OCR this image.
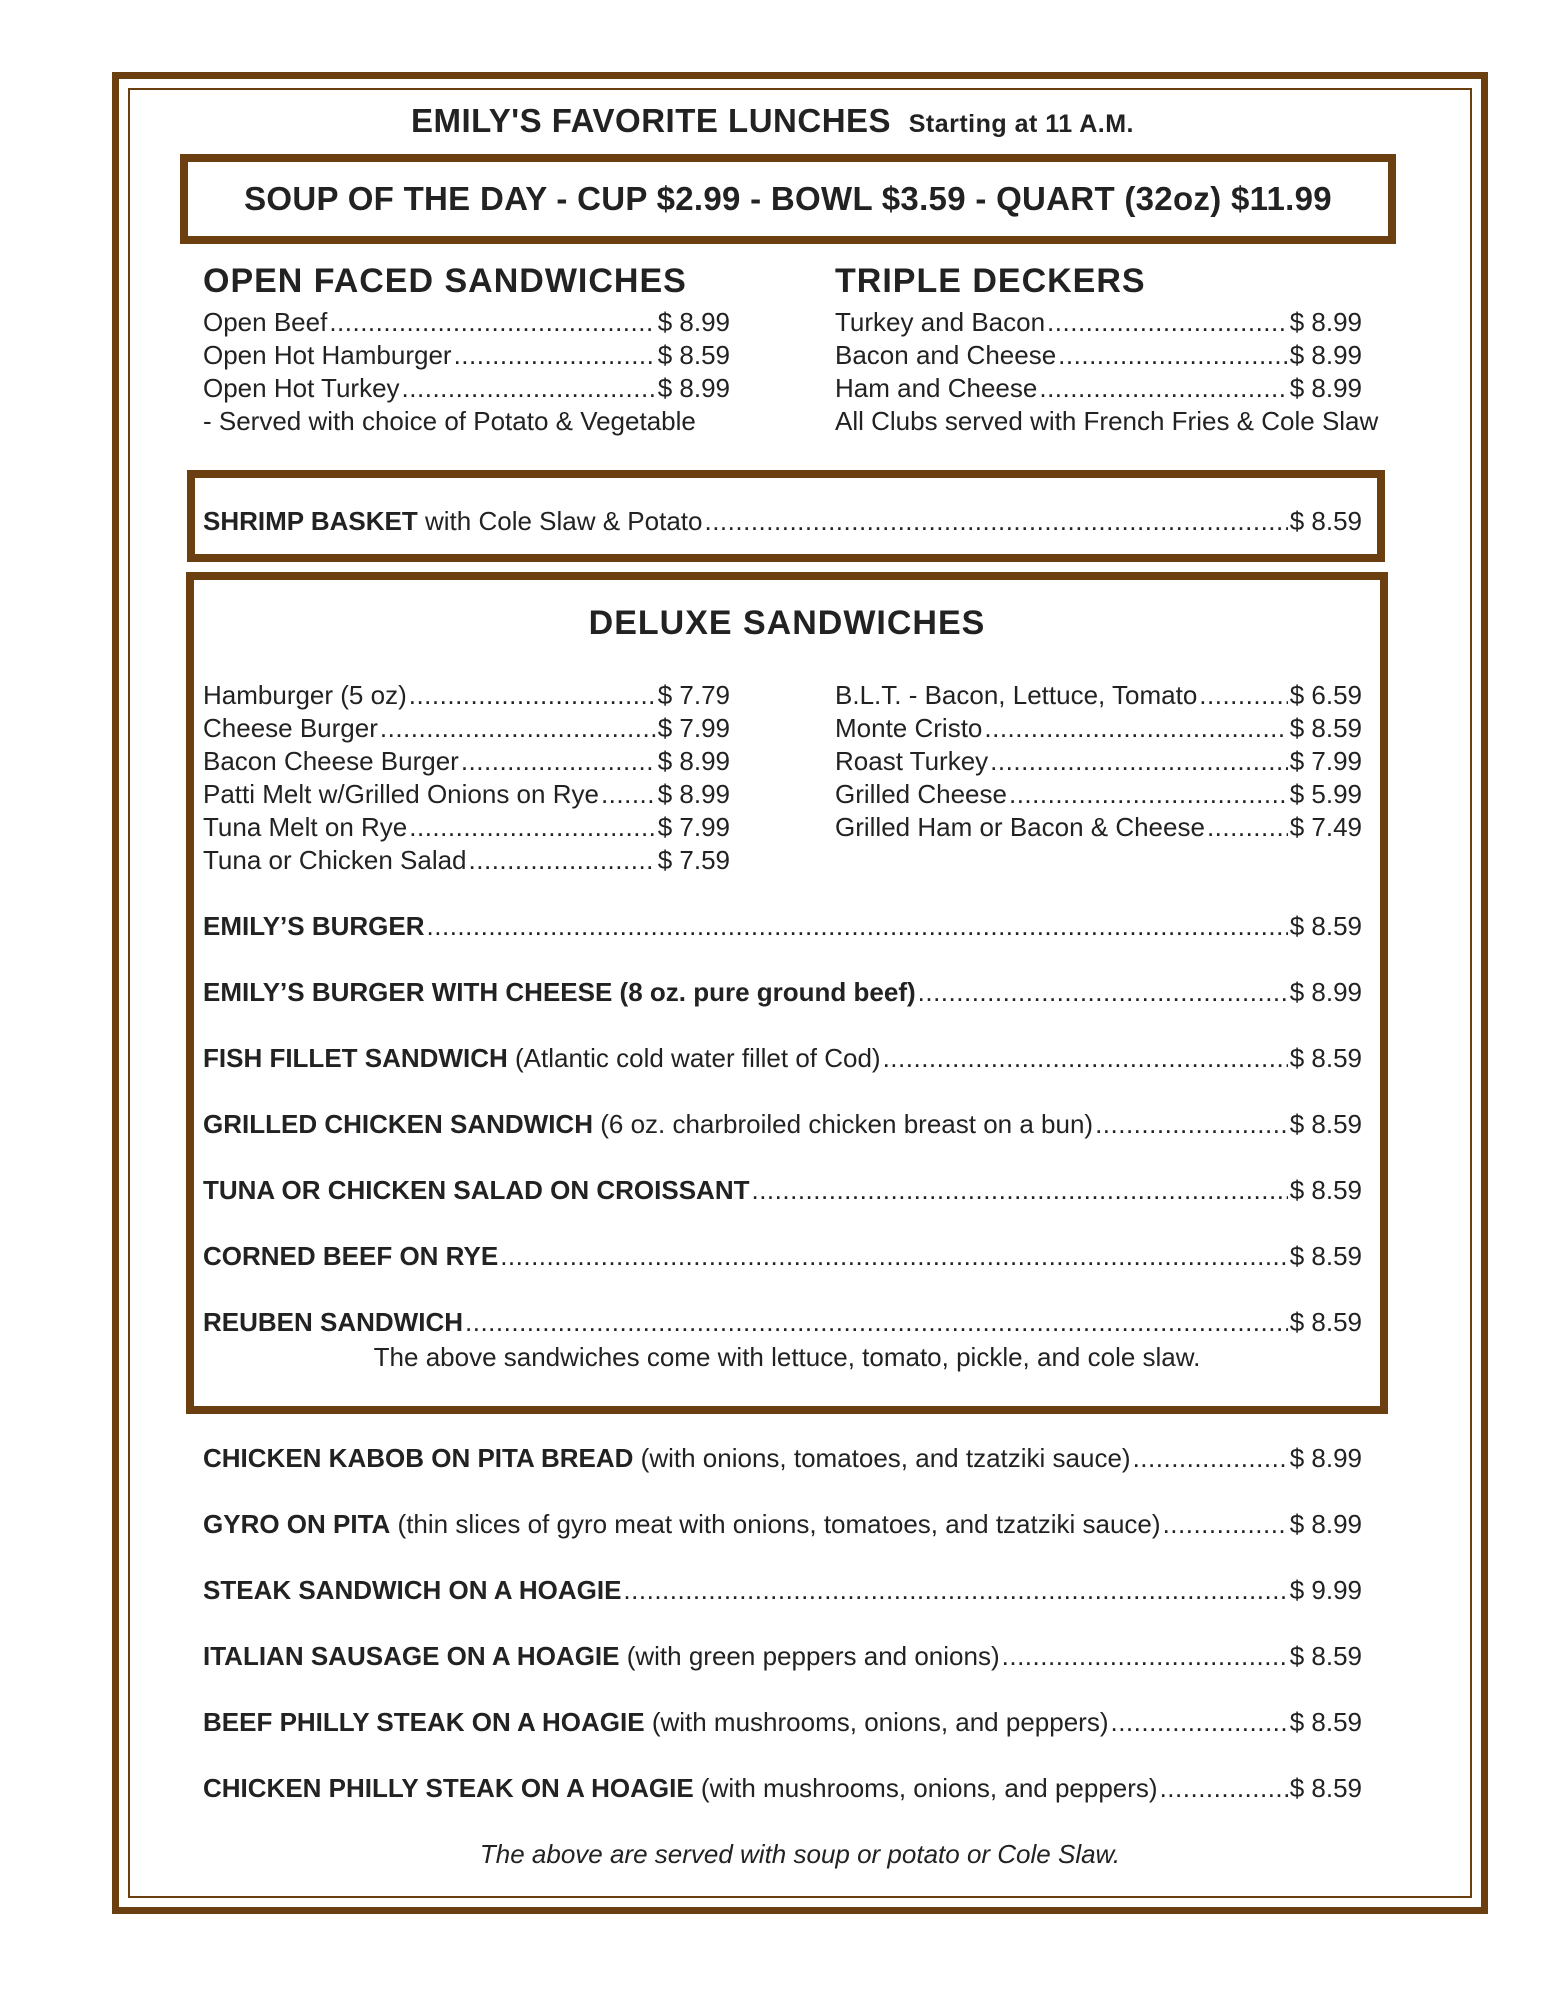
EMILY'S FAVORITE LUNCHES Starting at 11 A.M.
SOUP OF THE DAY - CUP $2.99 - BOWL $3.59 - QUART (32oz) $11.99
OPEN FACED SANDWICHES
Open Beef .....	$ 8.99
Open Hot Hamburger .....	$ 8.59
Open Hot Turkey .....	$ 8.99
- Served with choice of Potato & Vegetable
TRIPLE DECKERS
Turkey and Bacon .....	$ 8.99
Bacon and Cheese .....	$ 8.99
Ham and Cheese .....	$ 8.99
All Clubs served with French Fries & Cole Slaw
SHRIMP BASKET with Cole Slaw & Potato .....	$ 8.59
DELUXE SANDWICHES
Hamburger (5 oz) .....	$ 7.79
Cheese Burger .....	$ 7.99
Bacon Cheese Burger .....	$ 8.99
Patti Melt w/Grilled Onions on Rye ..... $ 8.99
Tuna Melt on Rye .....	$ 7.99
Tuna or Chicken Salad .....	$ 7.59
B.L.T. - Bacon, Lettuce, Tomato .....	$ 6.59
Monte Cristo .....	$ 8.59
Roast Turkey .....	$ 7.99
Grilled Cheese .....	$ 5.99
Grilled Ham or Bacon & Cheese .....	$ 7.49
EMILY’S BURGER .....	$ 8.59
EMILY’S BURGER WITH CHEESE (8 oz. pure ground beef) .....	$ 8.99
FISH FILLET SANDWICH (Atlantic cold water fillet of Cod) .....	$ 8.59
GRILLED CHICKEN SANDWICH (6 oz. charbroiled chicken breast on a bun) .....	$ 8.59
TUNA OR CHICKEN SALAD ON CROISSANT .....	$ 8.59
CORNED BEEF ON RYE .....	$ 8.59
REUBEN SANDWICH .....	$ 8.59
The above sandwiches come with lettuce, tomato, pickle, and cole slaw.
CHICKEN KABOB ON PITA BREAD (with onions, tomatoes, and tzatziki sauce) .....	$ 8.99
GYRO ON PITA (thin slices of gyro meat with onions, tomatoes, and tzatziki sauce) .....	$ 8.99
STEAK SANDWICH ON A HOAGIE .....	$ 9.99
ITALIAN SAUSAGE ON A HOAGIE (with green peppers and onions) .....	$ 8.59
BEEF PHILLY STEAK ON A HOAGIE (with mushrooms, onions, and peppers) .....	$ 8.59
CHICKEN PHILLY STEAK ON A HOAGIE (with mushrooms, onions, and peppers) .....	$ 8.59
The above are served with soup or potato or Cole Slaw.
